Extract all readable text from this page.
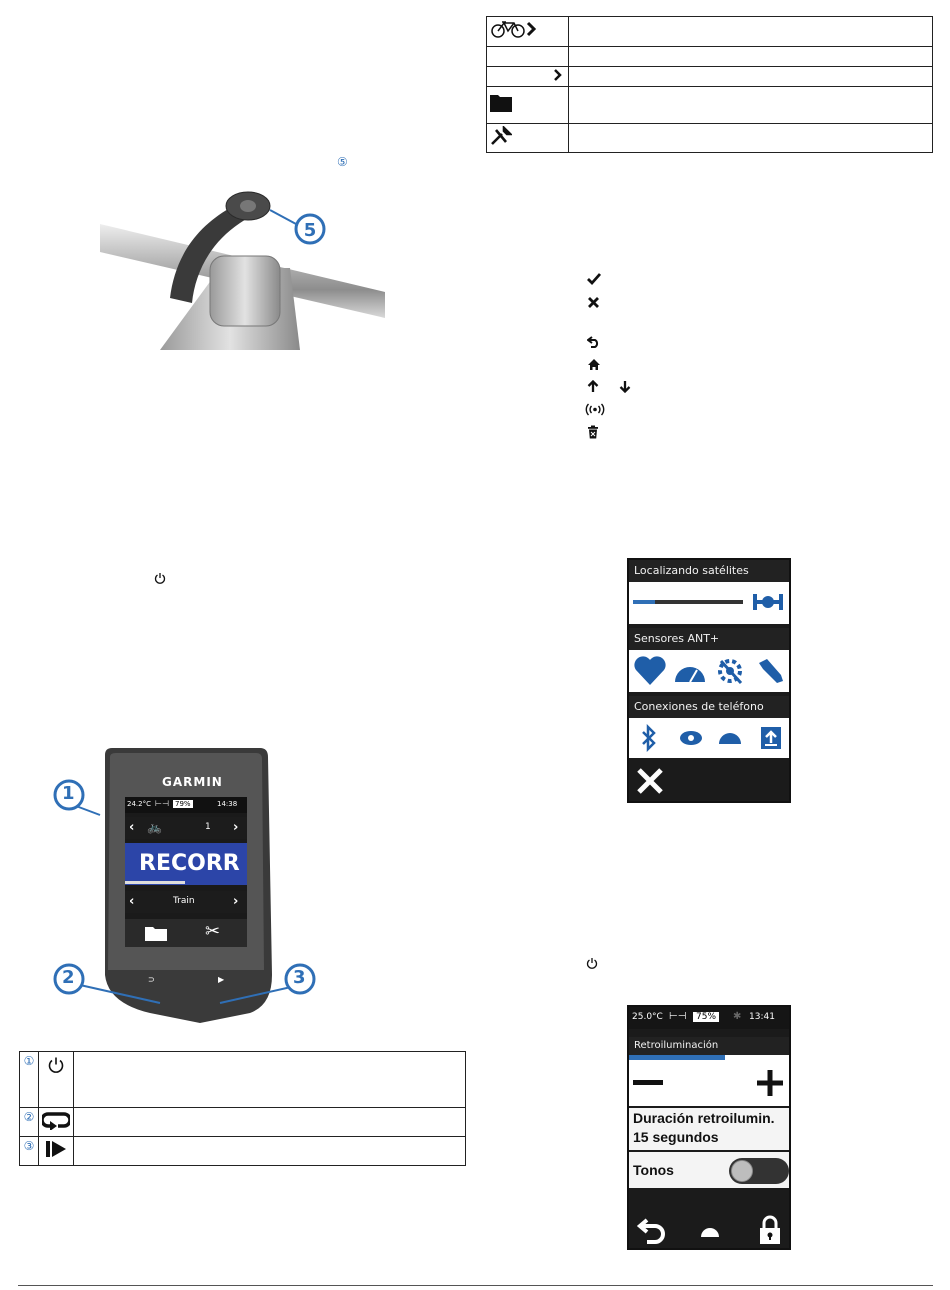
⑤
5
1
2	3
GARMIN
24.2°C ⊢⊣ 79%	14:38
‹ 🚲	1 ›
RECORR
‹	Train	›
✂
⊃	▶
①		
②		
③		

Localizando satélites
Sensores ANT+
Conexiones de teléfono
25.0°C ⊢⊣	75%	✱ 13:41
Retroiluminación
Duración retroilumin.
15 segundos
Tonos
